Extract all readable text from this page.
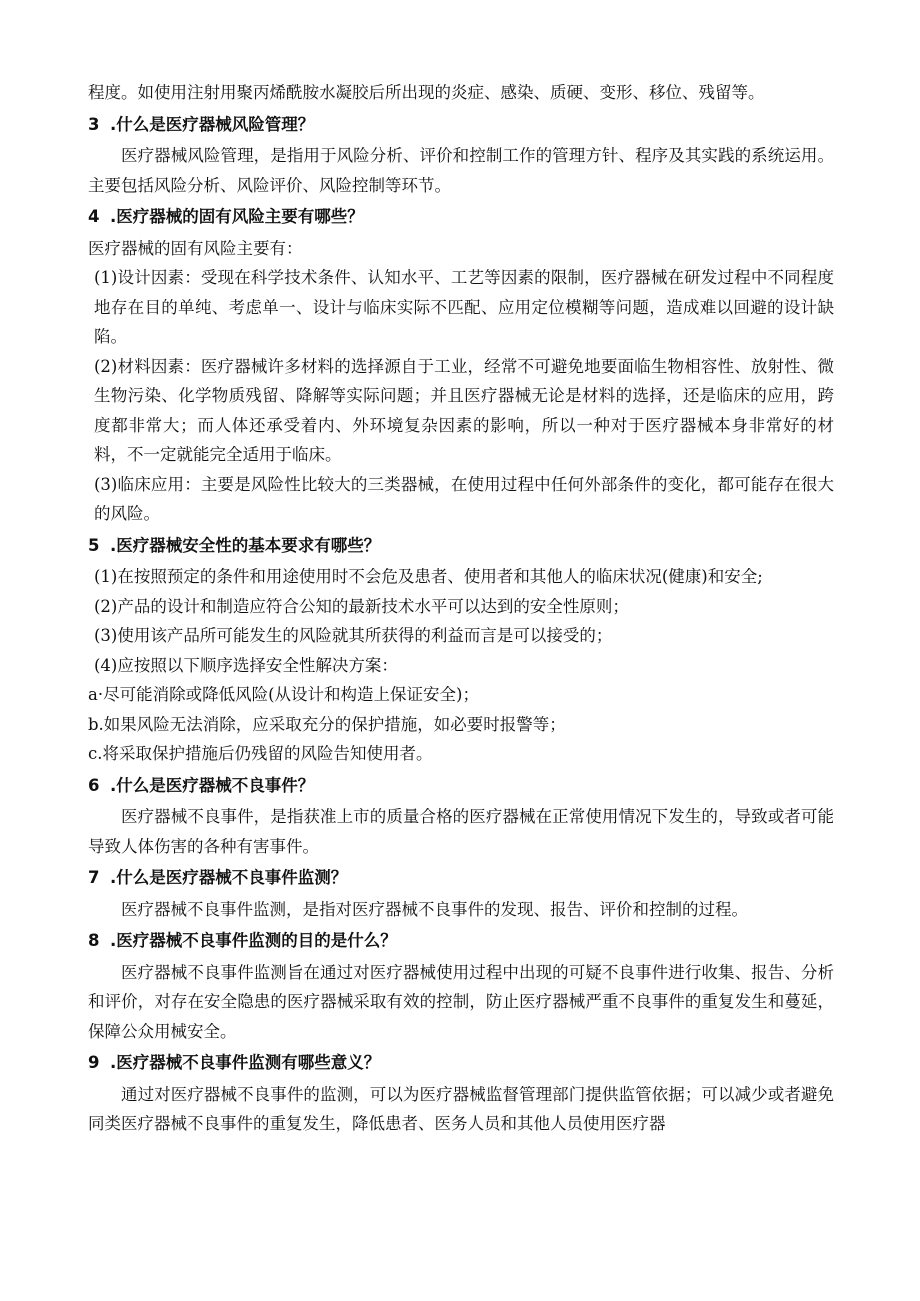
程度。如使用注射用聚丙烯酰胺水凝胶后所出现的炎症、感染、质硬、变形、移位、残留等。

3 .什么是医疗器械风险管理？

医疗器械风险管理，是指用于风险分析、评价和控制工作的管理方针、程序及其实践的系统运用。主要包括风险分析、风险评价、风险控制等环节。

4 .医疗器械的固有风险主要有哪些？

医疗器械的固有风险主要有：

(1)设计因素：受现在科学技术条件、认知水平、工艺等因素的限制，医疗器械在研发过程中不同程度地存在目的单纯、考虑单一、设计与临床实际不匹配、应用定位模糊等问题，造成难以回避的设计缺陷。

(2)材料因素：医疗器械许多材料的选择源自于工业，经常不可避免地要面临生物相容性、放射性、微生物污染、化学物质残留、降解等实际问题；并且医疗器械无论是材料的选择，还是临床的应用，跨度都非常大；而人体还承受着内、外环境复杂因素的影响，所以一种对于医疗器械本身非常好的材料，不一定就能完全适用于临床。

(3)临床应用：主要是风险性比较大的三类器械，在使用过程中任何外部条件的变化，都可能存在很大的风险。

5 .医疗器械安全性的基本要求有哪些？

(1)在按照预定的条件和用途使用时不会危及患者、使用者和其他人的临床状况(健康)和安全;

(2)产品的设计和制造应符合公知的最新技术水平可以达到的安全性原则；

(3)使用该产品所可能发生的风险就其所获得的利益而言是可以接受的；

(4)应按照以下顺序选择安全性解决方案：

a·尽可能消除或降低风险(从设计和构造上保证安全)；

b.如果风险无法消除，应采取充分的保护措施，如必要时报警等；

c.将采取保护措施后仍残留的风险告知使用者。

6 .什么是医疗器械不良事件？

医疗器械不良事件，是指获准上市的质量合格的医疗器械在正常使用情况下发生的，导致或者可能导致人体伤害的各种有害事件。

7 .什么是医疗器械不良事件监测？

医疗器械不良事件监测，是指对医疗器械不良事件的发现、报告、评价和控制的过程。

8 .医疗器械不良事件监测的目的是什么？

医疗器械不良事件监测旨在通过对医疗器械使用过程中出现的可疑不良事件进行收集、报告、分析和评价，对存在安全隐患的医疗器械采取有效的控制，防止医疗器械严重不良事件的重复发生和蔓延，保障公众用械安全。

9 .医疗器械不良事件监测有哪些意义？

通过对医疗器械不良事件的监测，可以为医疗器械监督管理部门提供监管依据；可以减少或者避免同类医疗器械不良事件的重复发生，降低患者、医务人员和其他人员使用医疗器
